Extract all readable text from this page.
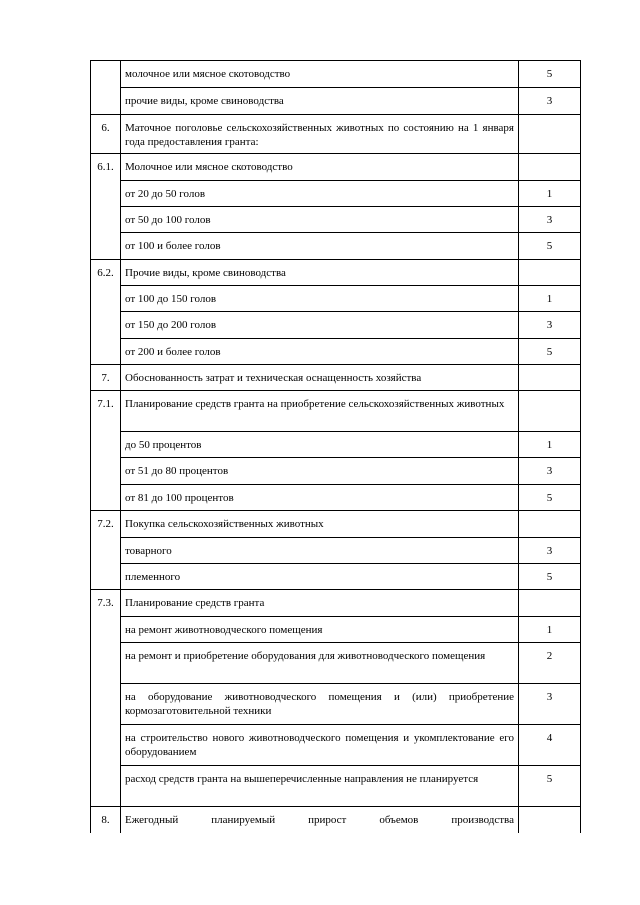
	молочное или мясное скотоводство	5
	прочие виды, кроме свиноводства	3
6.	Маточное поголовье сельскохозяйственных животных по состоянию на 1 января года предоставления гранта:	
6.1.	Молочное или мясное скотоводство	
	от 20 до 50 голов	1
	от 50 до 100 голов	3
	от 100 и более голов	5
6.2.	Прочие виды, кроме свиноводства	
	от 100 до 150 голов	1
	от 150 до 200 голов	3
	от 200 и более голов	5
7.	Обоснованность затрат и техническая оснащенность хозяйства	
7.1.	Планирование средств гранта на приобретение сельскохозяйственных животных	
	до 50 процентов	1
	от 51 до 80 процентов	3
	от 81 до 100 процентов	5
7.2.	Покупка сельскохозяйственных животных	
	товарного	3
	племенного	5
7.3.	Планирование средств гранта	
	на ремонт животноводческого помещения	1
	на ремонт и приобретение оборудования для животноводческого помещения	2
	на оборудование животноводческого помещения и (или) приобретение кормозаготовительной техники	3
	на строительство нового животноводческого помещения и укомплектование его оборудованием	4
	расход средств гранта на вышеперечисленные направления не планируется	5
8.	Ежегодный планируемый прирост объемов производства	
